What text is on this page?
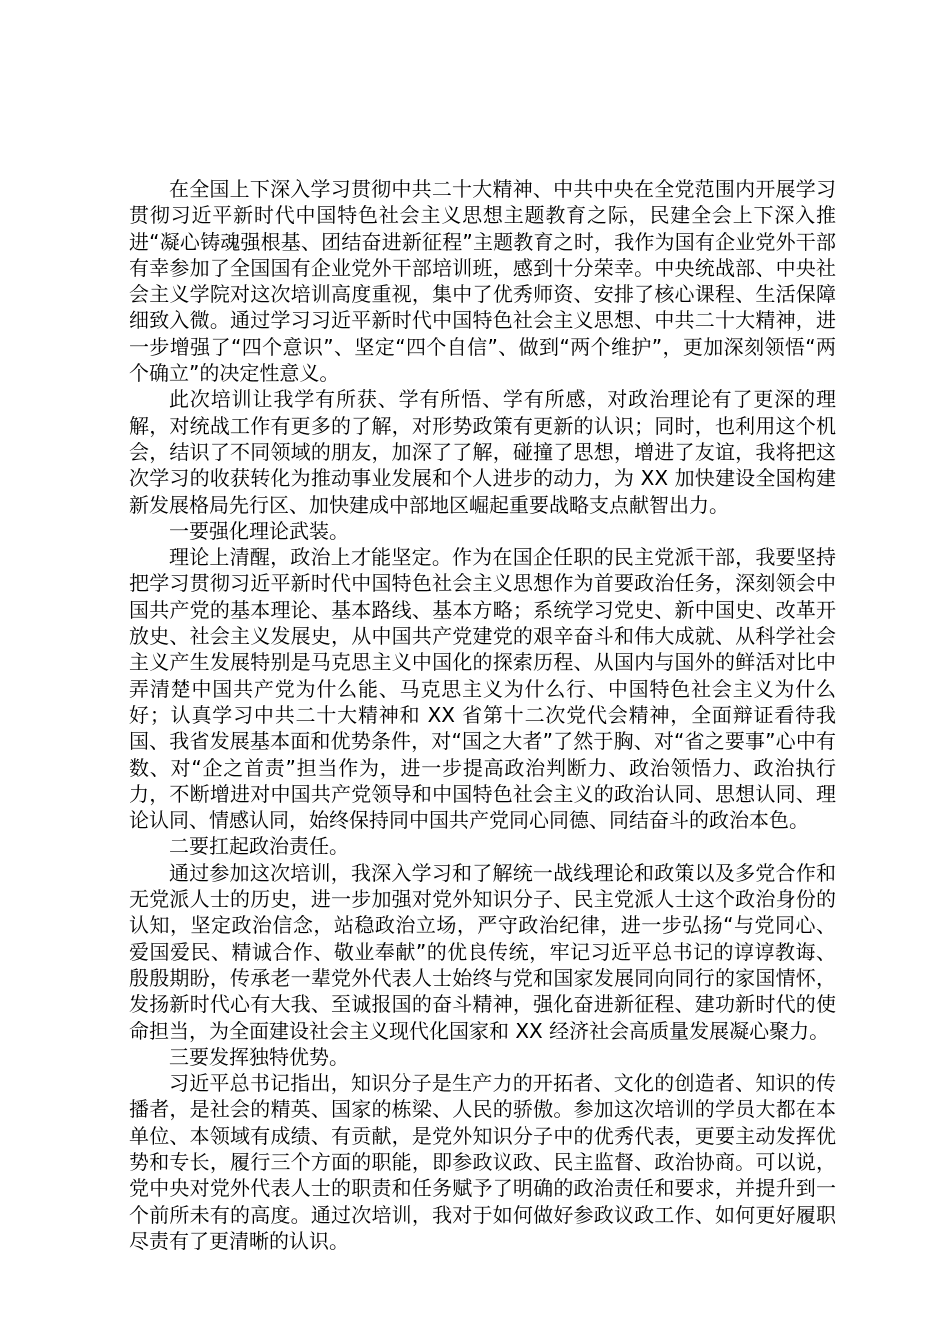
在全国上下深入学习贯彻中共二十大精神、中共中央在全党范围内开展学习贯彻习近平新时代中国特色社会主义思想主题教育之际，民建全会上下深入推进“凝心铸魂强根基、团结奋进新征程”主题教育之时，我作为国有企业党外干部有幸参加了全国国有企业党外干部培训班，感到十分荣幸。中央统战部、中央社会主义学院对这次培训高度重视，集中了优秀师资、安排了核心课程、生活保障细致入微。通过学习习近平新时代中国特色社会主义思想、中共二十大精神，进一步增强了“四个意识”、坚定“四个自信”、做到“两个维护”，更加深刻领悟“两个确立”的决定性意义。

此次培训让我学有所获、学有所悟、学有所感，对政治理论有了更深的理解，对统战工作有更多的了解，对形势政策有更新的认识；同时，也利用这个机会，结识了不同领域的朋友，加深了了解，碰撞了思想，增进了友谊，我将把这次学习的收获转化为推动事业发展和个人进步的动力，为 XX 加快建设全国构建新发展格局先行区、加快建成中部地区崛起重要战略支点献智出力。

一要强化理论武装。

理论上清醒，政治上才能坚定。作为在国企任职的民主党派干部，我要坚持把学习贯彻习近平新时代中国特色社会主义思想作为首要政治任务，深刻领会中国共产党的基本理论、基本路线、基本方略；系统学习党史、新中国史、改革开放史、社会主义发展史，从中国共产党建党的艰辛奋斗和伟大成就、从科学社会主义产生发展特别是马克思主义中国化的探索历程、从国内与国外的鲜活对比中弄清楚中国共产党为什么能、马克思主义为什么行、中国特色社会主义为什么好；认真学习中共二十大精神和 XX 省第十二次党代会精神，全面辩证看待我国、我省发展基本面和优势条件，对“国之大者”了然于胸、对“省之要事”心中有数、对“企之首责”担当作为，进一步提高政治判断力、政治领悟力、政治执行力，不断增进对中国共产党领导和中国特色社会主义的政治认同、思想认同、理论认同、情感认同，始终保持同中国共产党同心同德、同结奋斗的政治本色。

二要扛起政治责任。

通过参加这次培训，我深入学习和了解统一战线理论和政策以及多党合作和无党派人士的历史，进一步加强对党外知识分子、民主党派人士这个政治身份的认知，坚定政治信念，站稳政治立场，严守政治纪律，进一步弘扬“与党同心、爱国爱民、精诚合作、敬业奉献”的优良传统，牢记习近平总书记的谆谆教诲、殷殷期盼，传承老一辈党外代表人士始终与党和国家发展同向同行的家国情怀，发扬新时代心有大我、至诚报国的奋斗精神，强化奋进新征程、建功新时代的使命担当，为全面建设社会主义现代化国家和 XX 经济社会高质量发展凝心聚力。

三要发挥独特优势。

习近平总书记指出，知识分子是生产力的开拓者、文化的创造者、知识的传播者，是社会的精英、国家的栋梁、人民的骄傲。参加这次培训的学员大都在本单位、本领域有成绩、有贡献，是党外知识分子中的优秀代表，更要主动发挥优势和专长，履行三个方面的职能，即参政议政、民主监督、政治协商。可以说，党中央对党外代表人士的职责和任务赋予了明确的政治责任和要求，并提升到一个前所未有的高度。通过次培训，我对于如何做好参政议政工作、如何更好履职尽责有了更清晰的认识。
